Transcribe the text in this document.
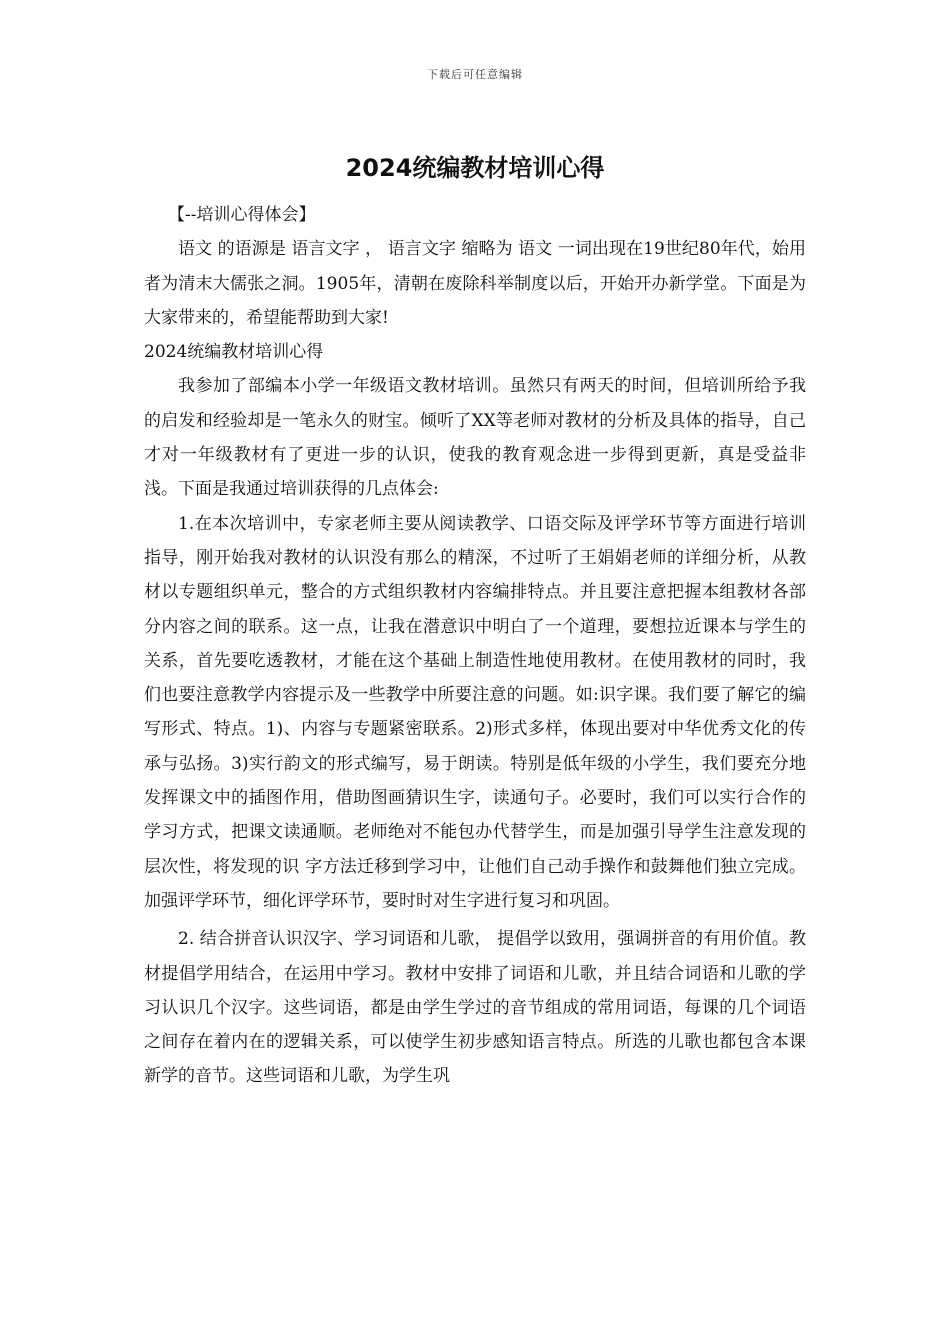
下载后可任意编辑
2024统编教材培训心得

【--培训心得体会】

语文 的语源是 语言文字 ， 语言文字 缩略为 语文 一词出现在19世纪80年代，始用者为清末大儒张之洞。1905年，清朝在废除科举制度以后，开始开办新学堂。下面是为大家带来的，希望能帮助到大家!

2024统编教材培训心得

我参加了部编本小学一年级语文教材培训。虽然只有两天的时间，但培训所给予我的启发和经验却是一笔永久的财宝。倾听了XX等老师对教材的分析及具体的指导，自己才对一年级教材有了更进一步的认识，使我的教育观念进一步得到更新，真是受益非浅。下面是我通过培训获得的几点体会:

1.在本次培训中，专家老师主要从阅读教学、口语交际及评学环节等方面进行培训指导，刚开始我对教材的认识没有那么的精深，不过听了王娟娟老师的详细分析，从教材以专题组织单元，整合的方式组织教材内容编排特点。并且要注意把握本组教材各部分内容之间的联系。这一点，让我在潜意识中明白了一个道理，要想拉近课本与学生的关系，首先要吃透教材，才能在这个基础上制造性地使用教材。在使用教材的同时，我们也要注意教学内容提示及一些教学中所要注意的问题。如:识字课。我们要了解它的编写形式、特点。1)、内容与专题紧密联系。2)形式多样，体现出要对中华优秀文化的传承与弘扬。3)实行韵文的形式编写，易于朗读。特别是低年级的小学生，我们要充分地发挥课文中的插图作用，借助图画猜识生字，读通句子。必要时，我们可以实行合作的学习方式，把课文读通顺。老师绝对不能包办代替学生，而是加强引导学生注意发现的层次性，将发现的识 字方法迁移到学习中，让他们自己动手操作和鼓舞他们独立完成。加强评学环节，细化评学环节，要时时对生字进行复习和巩固。

2. 结合拼音认识汉字、学习词语和儿歌， 提倡学以致用，强调拼音的有用价值。教材提倡学用结合，在运用中学习。教材中安排了词语和儿歌，并且结合词语和儿歌的学习认识几个汉字。这些词语，都是由学生学过的音节组成的常用词语，每课的几个词语之间存在着内在的逻辑关系，可以使学生初步感知语言特点。所选的儿歌也都包含本课新学的音节。这些词语和儿歌，为学生巩
